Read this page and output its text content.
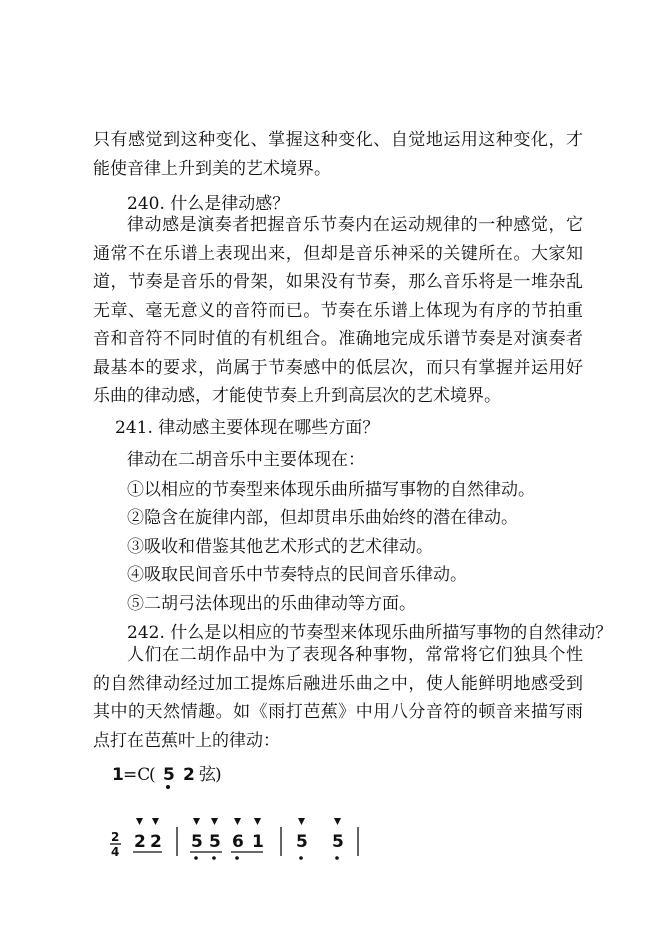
只有感觉到这种变化、掌握这种变化、自觉地运用这种变化，才能使音律上升到美的艺术境界。

240. 什么是律动感？

律动感是演奏者把握音乐节奏内在运动规律的一种感觉，它通常不在乐谱上表现出来，但却是音乐神采的关键所在。大家知道，节奏是音乐的骨架，如果没有节奏，那么音乐将是一堆杂乱无章、毫无意义的音符而已。节奏在乐谱上体现为有序的节拍重音和音符不同时值的有机组合。准确地完成乐谱节奏是对演奏者最基本的要求，尚属于节奏感中的低层次，而只有掌握并运用好乐曲的律动感，才能使节奏上升到高层次的艺术境界。

241. 律动感主要体现在哪些方面？

律动在二胡音乐中主要体现在：

①以相应的节奏型来体现乐曲所描写事物的自然律动。

②隐含在旋律内部，但却贯串乐曲始终的潜在律动。

③吸收和借鉴其他艺术形式的艺术律动。

④吸取民间音乐中节奏特点的民间音乐律动。

⑤二胡弓法体现出的乐曲律动等方面。

242. 什么是以相应的节奏型来体现乐曲所描写事物的自然律动？

人们在二胡作品中为了表现各种事物，常常将它们独具个性的自然律动经过加工提炼后融进乐曲之中，使人能鲜明地感受到其中的天然情趣。如《雨打芭蕉》中用八分音符的顿音来描写雨点打在芭蕉叶上的律动：

1 =C
( 5 2 弦 )
2
4 2 2 5 5 6 1 5 5
